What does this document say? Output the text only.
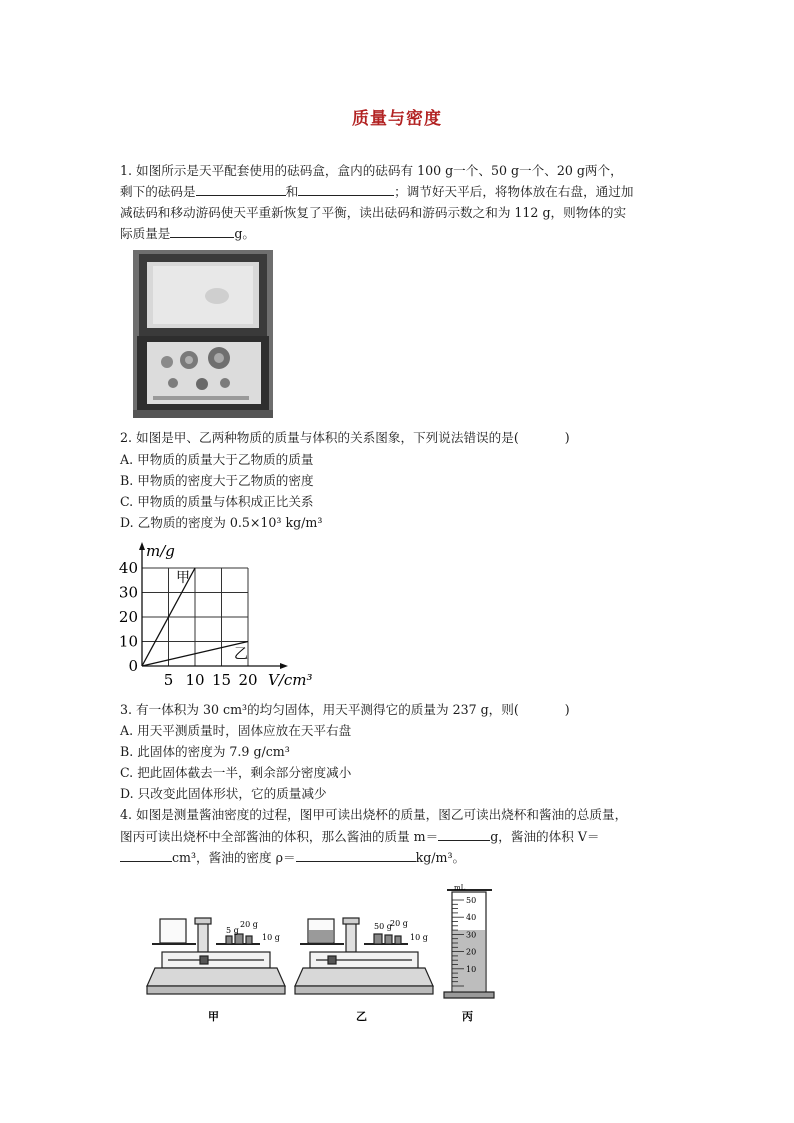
质量与密度
1. 如图所示是天平配套使用的砝码盒，盒内的砝码有 100 g一个、50 g一个、20 g两个，
剩下的砝码是	和	；调节好天平后，将物体放在右盘，通过加
减砝码和移动游码使天平重新恢复了平衡，读出砝码和游码示数之和为 112 g，则物体的实
际质量是	g。
2. 如图是甲、乙两种物质的质量与体积的关系图象，下列说法错误的是(	)
A. 甲物质的质量大于乙物质的质量
B. 甲物质的密度大于乙物质的密度
C. 甲物质的质量与体积成正比关系
D. 乙物质的密度为 0.5×10³ kg/m³
m/g
V/cm³
0
10
20
30
40
5 10 15 20
甲
乙
3. 有一体积为 30 cm³的均匀固体，用天平测得它的质量为 237 g，则(	)
A. 用天平测质量时，固体应放在天平右盘
B. 此固体的密度为 7.9 g/cm³
C. 把此固体截去一半，剩余部分密度减小
D. 只改变此固体形状，它的质量减少
4. 如图是测量酱油密度的过程，图甲可读出烧杯的质量，图乙可读出烧杯和酱油的总质量，
图丙可读出烧杯中全部酱油的体积，那么酱油的质量 m＝	g，酱油的体积 V＝
cm³，酱油的密度 ρ＝	kg/m³。
5 g
20 g
10 g
甲
50 g
20 g
10 g
乙
mL
50
40
30
20
10
丙
